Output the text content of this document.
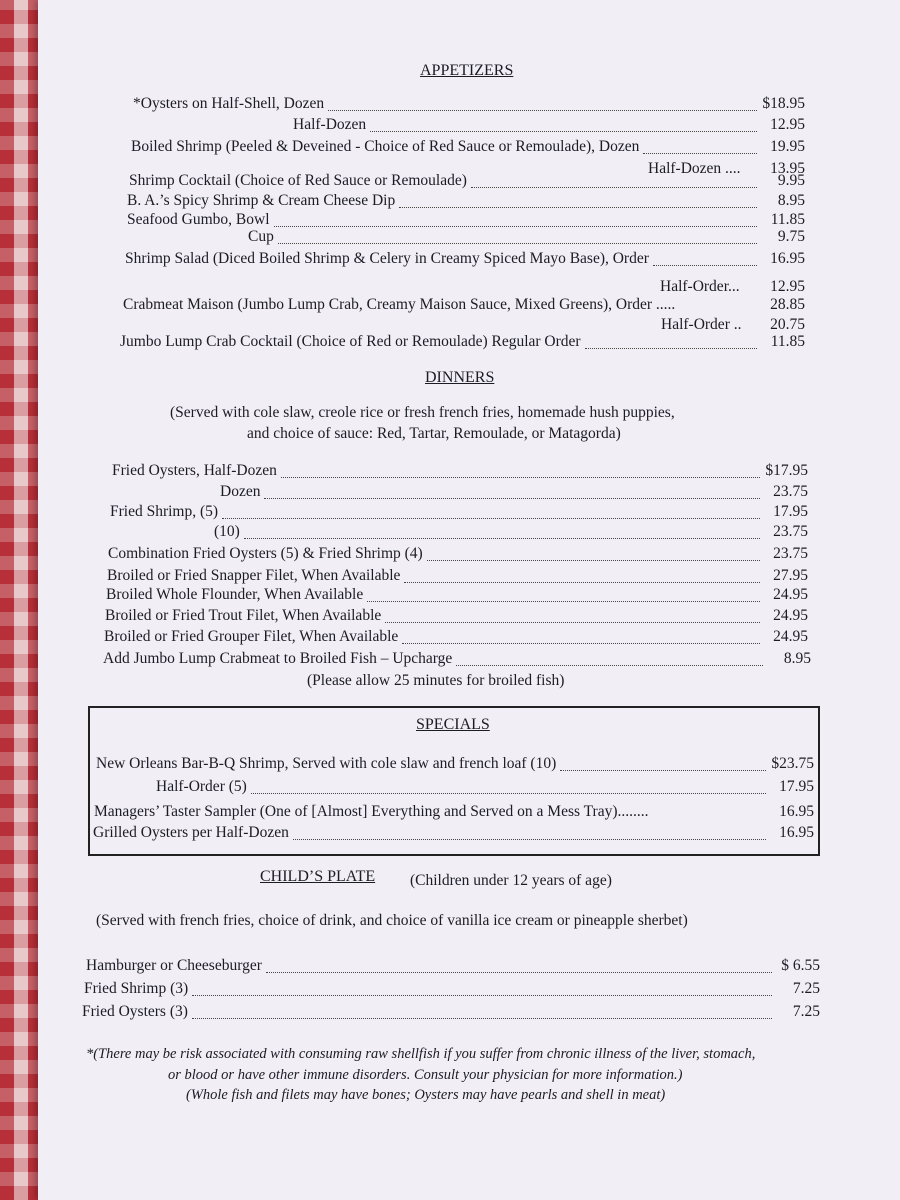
APPETIZERS
*Oysters on Half-Shell, Dozen	$18.95
Half-Dozen	12.95
Boiled Shrimp (Peeled & Deveined - Choice of Red Sauce or Remoulade), Dozen	19.95
Half-Dozen ....	13.95
Shrimp Cocktail (Choice of Red Sauce or Remoulade)	9.95
B. A.’s Spicy Shrimp & Cream Cheese Dip	8.95
Seafood Gumbo, Bowl	11.85
Cup	9.75
Shrimp Salad (Diced Boiled Shrimp & Celery in Creamy Spiced Mayo Base), Order	16.95
Half-Order...	12.95
Crabmeat Maison (Jumbo Lump Crab, Creamy Maison Sauce, Mixed Greens), Order .....	28.85
Half-Order ..	20.75
Jumbo Lump Crab Cocktail (Choice of Red or Remoulade) Regular Order	11.85
DINNERS
(Served with cole slaw, creole rice or fresh french fries, homemade hush puppies,
and choice of sauce: Red, Tartar, Remoulade, or Matagorda)
Fried Oysters, Half-Dozen	$17.95
Dozen	23.75
Fried Shrimp, (5)	17.95
(10)	23.75
Combination Fried Oysters (5) & Fried Shrimp (4)	23.75
Broiled or Fried Snapper Filet, When Available	27.95
Broiled Whole Flounder, When Available	24.95
Broiled or Fried Trout Filet, When Available	24.95
Broiled or Fried Grouper Filet, When Available	24.95
Add Jumbo Lump Crabmeat to Broiled Fish – Upcharge	8.95
(Please allow 25 minutes for broiled fish)
SPECIALS
New Orleans Bar-B-Q Shrimp, Served with cole slaw and french loaf (10)	$23.75
Half-Order (5)	17.95
Managers’ Taster Sampler (One of [Almost] Everything and Served on a Mess Tray)........	16.95
Grilled Oysters per Half-Dozen	16.95
CHILD’S PLATE (Children under 12 years of age)
(Served with french fries, choice of drink, and choice of vanilla ice cream or pineapple sherbet)
Hamburger or Cheeseburger	$ 6.55
Fried Shrimp (3)	7.25
Fried Oysters (3)	7.25
*(There may be risk associated with consuming raw shellfish if you suffer from chronic illness of the liver, stomach,
or blood or have other immune disorders. Consult your physician for more information.)
(Whole fish and filets may have bones; Oysters may have pearls and shell in meat)
